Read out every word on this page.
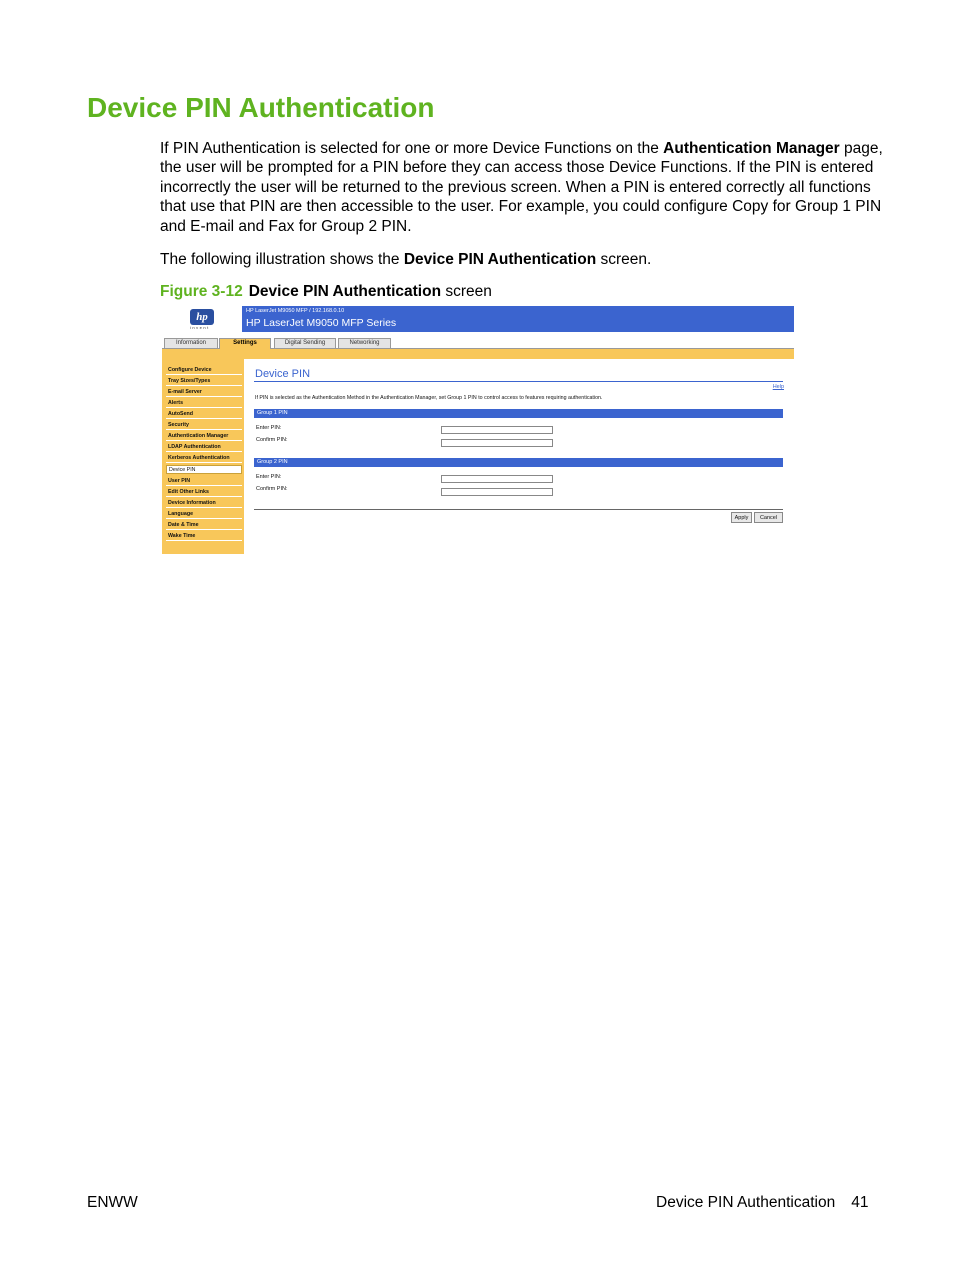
Device PIN Authentication

If PIN Authentication is selected for one or more Device Functions on the Authentication Manager page, the user will be prompted for a PIN before they can access those Device Functions. If the PIN is entered incorrectly the user will be returned to the previous screen. When a PIN is entered correctly all functions that use that PIN are then accessible to the user. For example, you could configure Copy for Group 1 PIN and E-mail and Fax for Group 2 PIN.

The following illustration shows the Device PIN Authentication screen.

Figure 3-12 Device PIN Authentication screen
hp
invent
HP LaserJet M9050 MFP / 192.168.0.10
HP LaserJet M9050 MFP Series
Information	Settings	Digital Sending	Networking
Configure Device
Tray Sizes/Types
E-mail Server
Alerts
AutoSend
Security
Authentication Manager
LDAP Authentication
Kerberos Authentication
Device PIN
User PIN
Edit Other Links
Device Information
Language
Date & Time
Wake Time
Device PIN
Help
If PIN is selected as the Authentication Method in the Authentication Manager, set Group 1 PIN to control access to features requiring authentication.
Group 1 PIN
Enter PIN:
Confirm PIN:
Group 2 PIN
Enter PIN:
Confirm PIN:
Apply	Cancel
ENWW	Device PIN Authentication 41
